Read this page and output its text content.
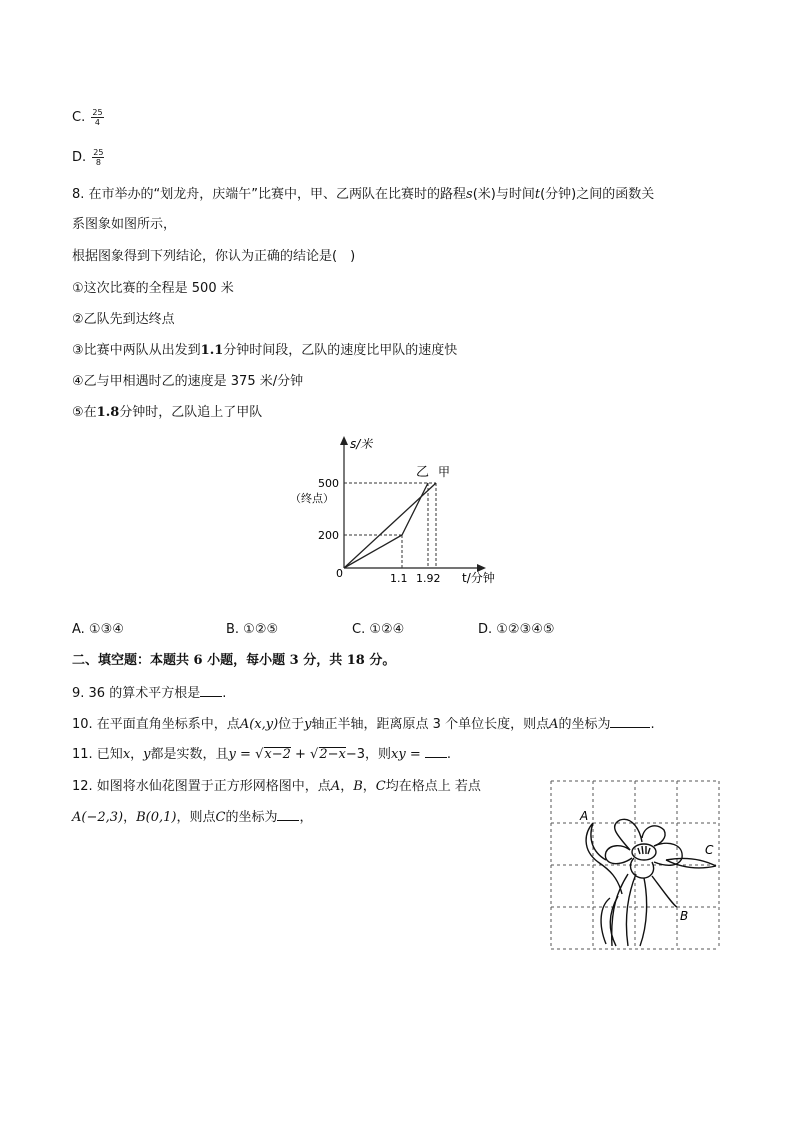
C. $\frac{25}{4}$
D. $\frac{25}{8}$
8. 在市举办的“划龙舟，庆端午”比赛中，甲、乙两队在比赛时的路程s(米)与时间t(分钟)之间的函数关
系图象如图所示，
根据图象得到下列结论，你认为正确的结论是(　)
①这次比赛的全程是 500 米
②乙队先到达终点
③比赛中两队从出发到1.1分钟时间段，乙队的速度比甲队的速度快
④乙与甲相遇时乙的速度是 375 米/分钟
⑤在1.8分钟时，乙队追上了甲队
s/米
500
（终点）
200
0	1.1 1.92 t/分钟
乙 甲
A. ①③④	B. ①②⑤	C. ①②④	D. ①②③④⑤
二、填空题：本题共 6 小题，每小题 3 分，共 18 分。
9. 36 的算术平方根是 .
10. 在平面直角坐标系中，点A(x,y)位于y轴正半轴，距离原点 3 个单位长度，则点A的坐标为	.
11. 已知x，y都是实数，且y = √x−2 + √2−x−3，则xy = .
12. 如图将水仙花图置于正方形网格图中，点A，B，C均在格点上 若点
A(−2,3)，B(0,1)，则点C的坐标为 ，	A
C
B
